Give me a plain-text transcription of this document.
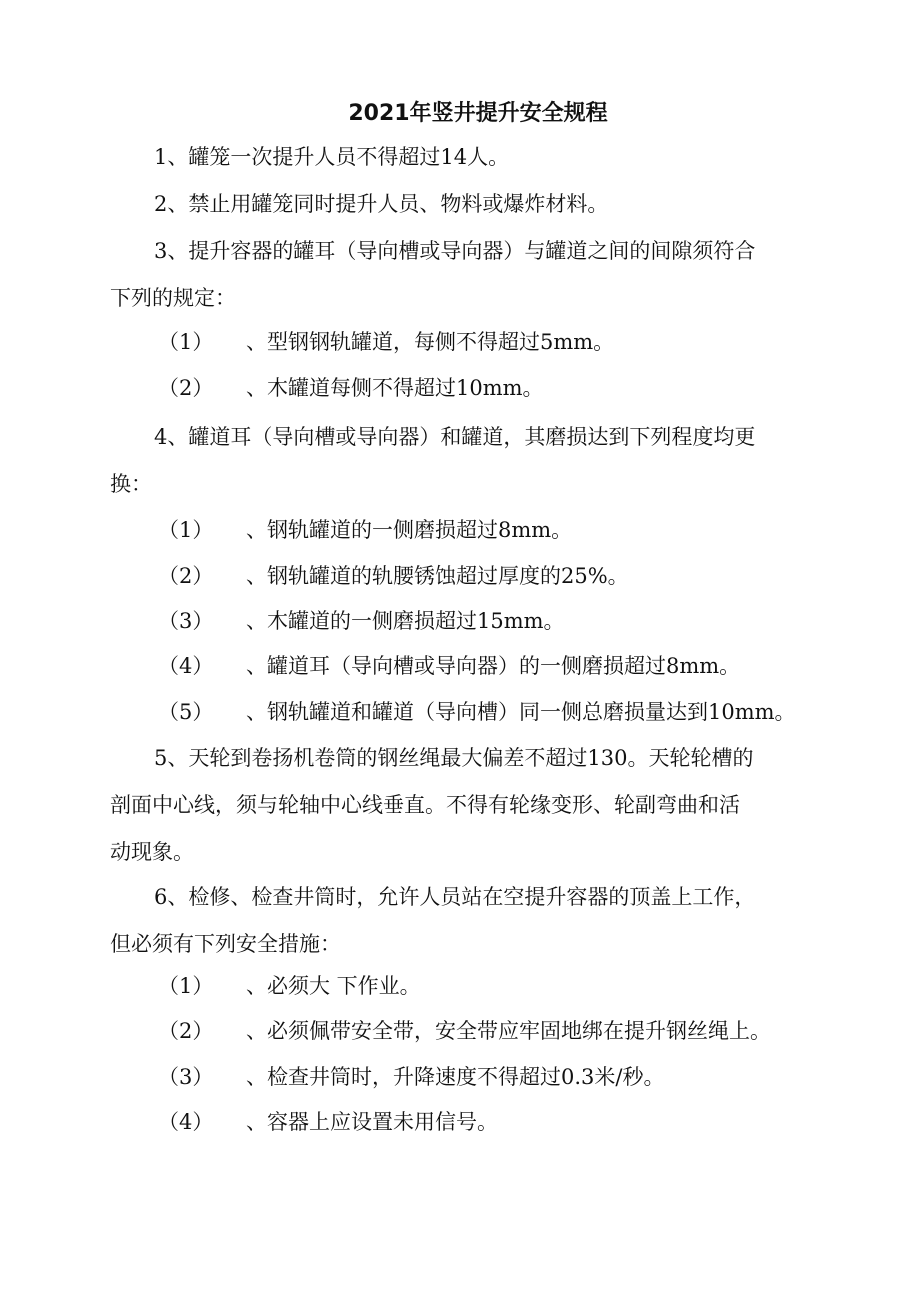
2021年竖井提升安全规程
1、罐笼一次提升人员不得超过14人。
2、禁止用罐笼同时提升人员、物料或爆炸材料。
3、提升容器的罐耳（导向槽或导向器）与罐道之间的间隙须符合
下列的规定：
（1） 、型钢钢轨罐道，每侧不得超过5mm。
（2） 、木罐道每侧不得超过10mm。
4、罐道耳（导向槽或导向器）和罐道，其磨损达到下列程度均更
换：
（1） 、钢轨罐道的一侧磨损超过8mm。
（2） 、钢轨罐道的轨腰锈蚀超过厚度的25%。
（3） 、木罐道的一侧磨损超过15mm。
（4） 、罐道耳（导向槽或导向器）的一侧磨损超过8mm。
（5） 、钢轨罐道和罐道（导向槽）同一侧总磨损量达到10mm。
5、天轮到卷扬机卷筒的钢丝绳最大偏差不超过130。天轮轮槽的
剖面中心线，须与轮轴中心线垂直。不得有轮缘变形、轮副弯曲和活
动现象。
6、检修、检查井筒时，允许人员站在空提升容器的顶盖上工作，
但必须有下列安全措施：
（1） 、必须大 下作业。
（2） 、必须佩带安全带，安全带应牢固地绑在提升钢丝绳上。
（3） 、检查井筒时，升降速度不得超过0.3米/秒。
（4） 、容器上应设置未用信号。
